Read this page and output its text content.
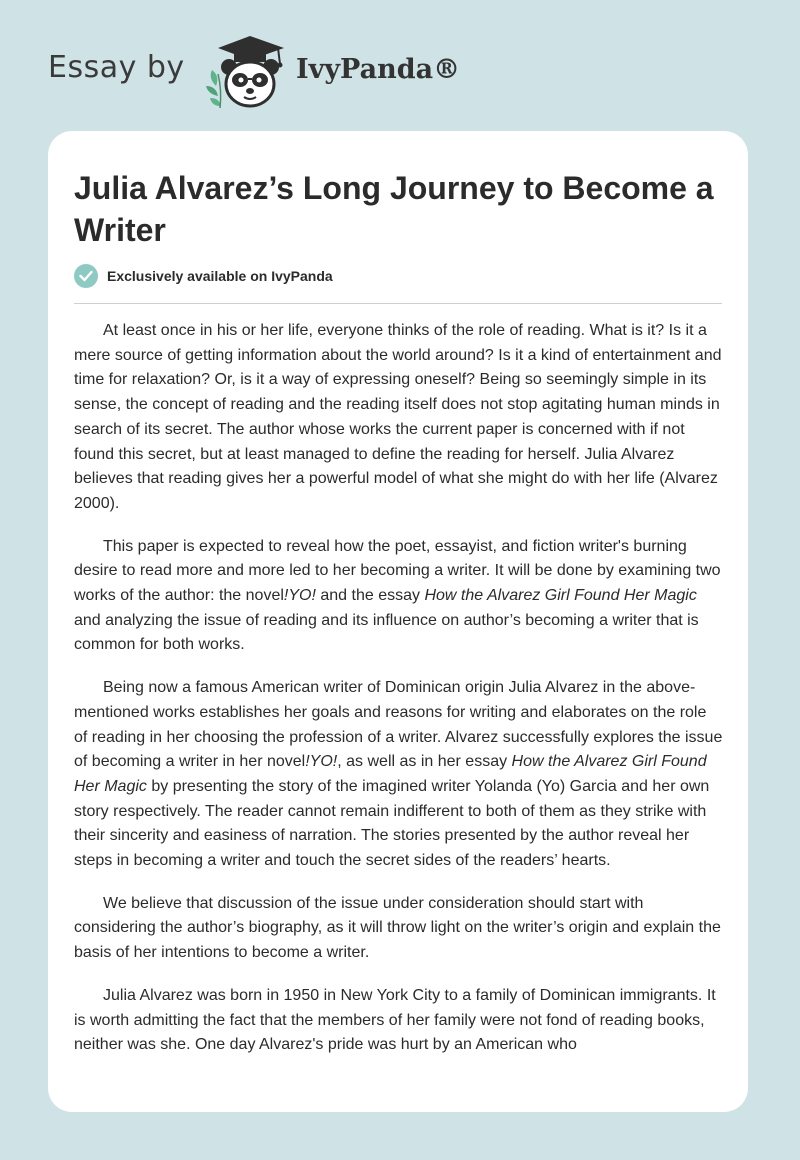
Essay by	IvyPanda®
Julia Alvarez’s Long Journey to Become a Writer
Exclusively available on IvyPanda

At least once in his or her life, everyone thinks of the role of reading. What is it? Is it a mere source of getting information about the world around? Is it a kind of entertainment and time for relaxation? Or, is it a way of expressing oneself? Being so seemingly simple in its sense, the concept of reading and the reading itself does not stop agitating human minds in search of its secret. The author whose works the current paper is concerned with if not found this secret, but at least managed to define the reading for herself. Julia Alvarez believes that reading gives her a powerful model of what she might do with her life (Alvarez 2000).

This paper is expected to reveal how the poet, essayist, and fiction writer's burning desire to read more and more led to her becoming a writer. It will be done by examining two works of the author: the novel!YO! and the essay How the Alvarez Girl Found Her Magic and analyzing the issue of reading and its influence on author’s becoming a writer that is common for both works.

Being now a famous American writer of Dominican origin Julia Alvarez in the above-mentioned works establishes her goals and reasons for writing and elaborates on the role of reading in her choosing the profession of a writer. Alvarez successfully explores the issue of becoming a writer in her novel!YO!, as well as in her essay How the Alvarez Girl Found Her Magic by presenting the story of the imagined writer Yolanda (Yo) Garcia and her own story respectively. The reader cannot remain indifferent to both of them as they strike with their sincerity and easiness of narration. The stories presented by the author reveal her steps in becoming a writer and touch the secret sides of the readers’ hearts.

We believe that discussion of the issue under consideration should start with considering the author’s biography, as it will throw light on the writer’s origin and explain the basis of her intentions to become a writer.

Julia Alvarez was born in 1950 in New York City to a family of Dominican immigrants. It is worth admitting the fact that the members of her family were not fond of reading books, neither was she. One day Alvarez's pride was hurt by an American who
